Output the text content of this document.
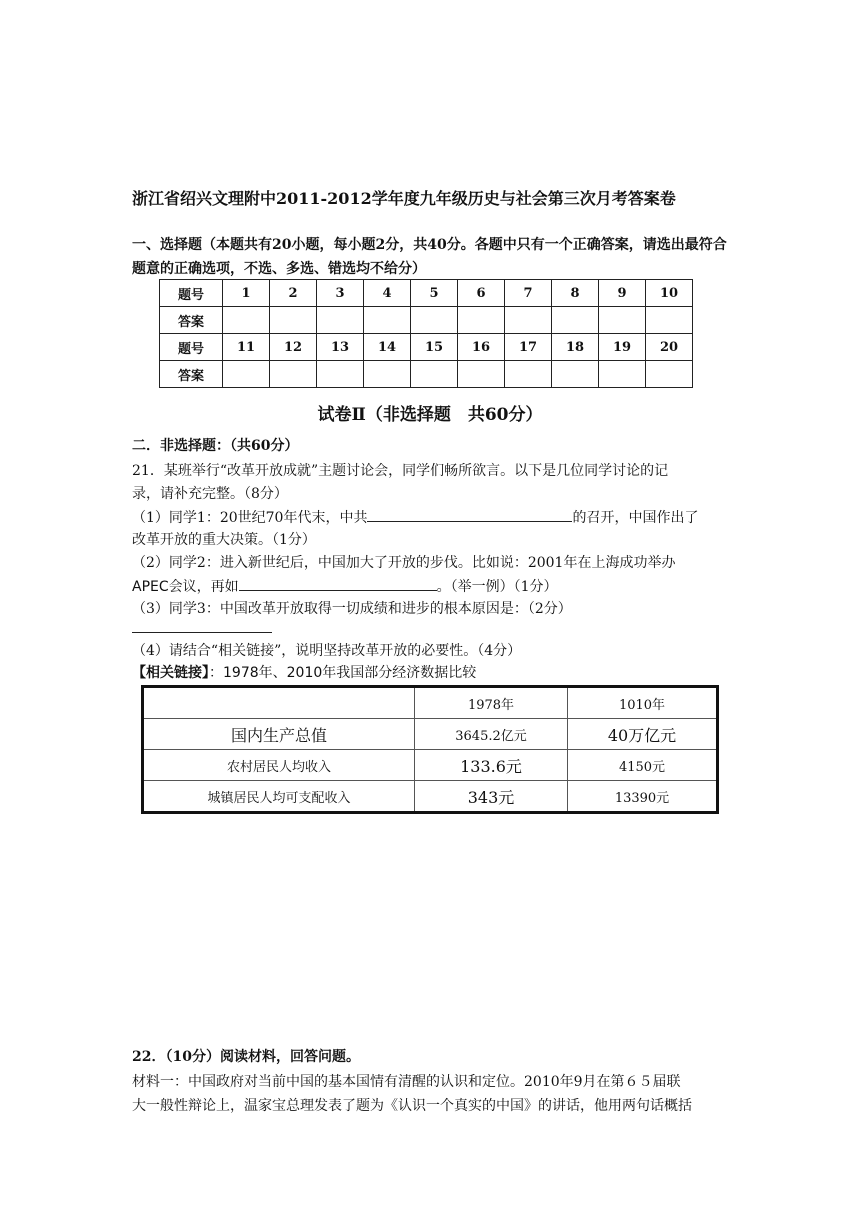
浙江省绍兴文理附中2011-2012学年度九年级历史与社会第三次月考答案卷
一、选择题（本题共有20小题，每小题2分，共40分。各题中只有一个正确答案，请选出最符合题意的正确选项，不选、多选、错选均不给分）
题号	1	2	3	4	5	6	7	8	9	10
答案										
题号	11	12	13	14	15	16	17	18	19	20
答案										
试卷Ⅱ（非选择题　共60分）
二．非选择题：（共60分）
21．某班举行“改革开放成就”主题讨论会，同学们畅所欲言。以下是几位同学讨论的记
录，请补充完整。（8分）
（1）同学1：20世纪70年代末，中共	的召开，中国作出了
改革开放的重大决策。（1分）
（2）同学2：进入新世纪后，中国加大了开放的步伐。比如说：2001年在上海成功举办
APEC会议，再如	。（举一例）（1分）
（3）同学3：中国改革开放取得一切成绩和进步的根本原因是：（2分）
（4）请结合“相关链接”，说明坚持改革开放的必要性。（4分）
【相关链接】：1978年、2010年我国部分经济数据比较
	1978年	1010年
国内生产总值	3645.2亿元	40万亿元
农村居民人均收入	133.6元	4150元
城镇居民人均可支配收入	343元	13390元
22．（10分）阅读材料，回答问题。
材料一：中国政府对当前中国的基本国情有清醒的认识和定位。2010年9月在第６５届联
大一般性辩论上，温家宝总理发表了题为《认识一个真实的中国》的讲话，他用两句话概括
